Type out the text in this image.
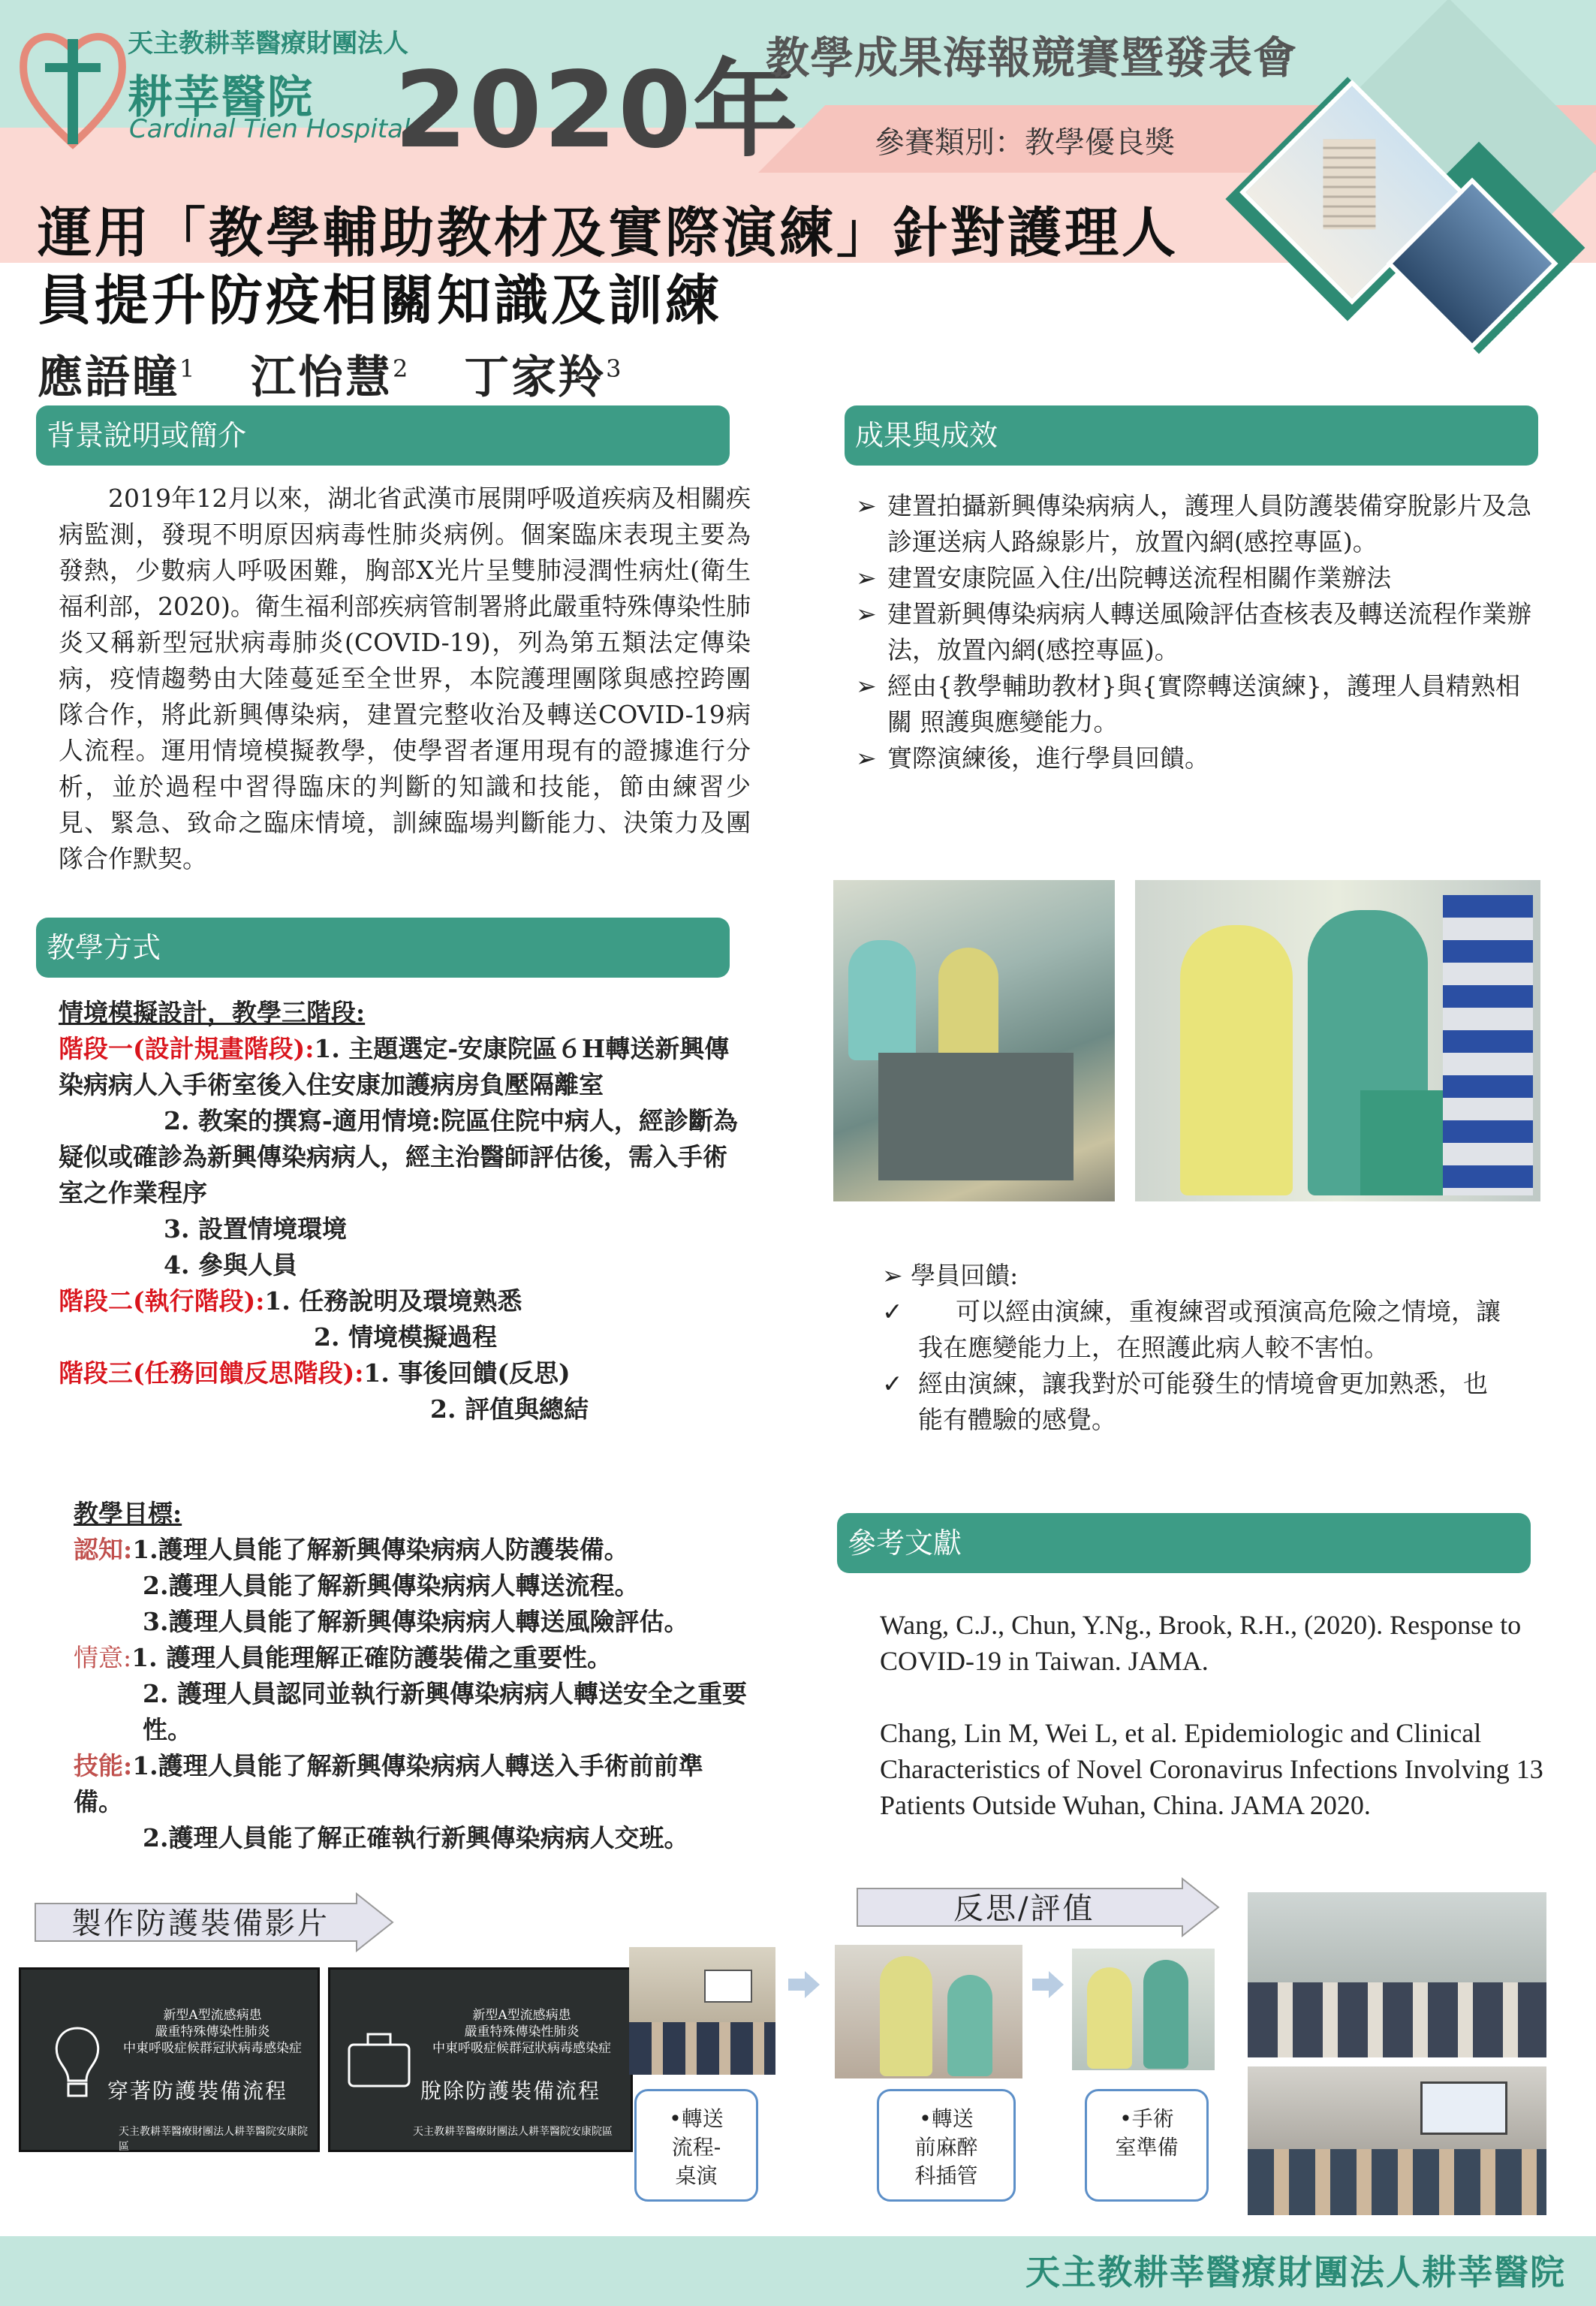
天主教耕莘醫療財團法人
耕莘醫院
Cardinal Tien Hospital
2020年
教學成果海報競賽暨發表會
參賽類別：教學優良獎
運用「教學輔助教材及實際演練」針對護理人
員提升防疫相關知識及訓練
應語瞳$^1$ 江怡慧$^2$ 丁家羚$^3$
背景說明或簡介
2019年12月以來，湖北省武漢市展開呼吸道疾病及相關疾病監測，發現不明原因病毒性肺炎病例。個案臨床表現主要為發熱，少數病人呼吸困難，胸部X光片呈雙肺浸潤性病灶(衛生福利部，2020)。衛生福利部疾病管制署將此嚴重特殊傳染性肺炎又稱新型冠狀病毒肺炎(COVID-19)，列為第五類法定傳染病，疫情趨勢由大陸蔓延至全世界，本院護理團隊與感控跨團隊合作，將此新興傳染病，建置完整收治及轉送COVID-19病人流程。運用情境模擬教學，使學習者運用現有的證據進行分析，並於過程中習得臨床的判斷的知識和技能，節由練習少見、緊急、致命之臨床情境，訓練臨場判斷能力、決策力及團隊合作默契。
教學方式
情境模擬設計，教學三階段:
階段一(設計規畫階段):1. 主題選定-安康院區６H轉送新興傳染病病人入手術室後入住安康加護病房負壓隔離室
2. 教案的撰寫-適用情境:院區住院中病人，經診斷為疑似或確診為新興傳染病病人，經主治醫師評估後，需入手術室之作業程序
3. 設置情境環境
4. 參與人員
階段二(執行階段):1. 任務說明及環境熟悉
2. 情境模擬過程
階段三(任務回饋反思階段):1. 事後回饋(反思)
2. 評值與總結
教學目標:
認知:1.護理人員能了解新興傳染病病人防護裝備。
2.護理人員能了解新興傳染病病人轉送流程。
3.護理人員能了解新興傳染病病人轉送風險評估。
情意:1. 護理人員能理解正確防護裝備之重要性。
2. 護理人員認同並執行新興傳染病病人轉送安全之重要性。
技能:1.護理人員能了解新興傳染病病人轉送入手術前前準備。
2.護理人員能了解正確執行新興傳染病病人交班。
成果與成效
➢ 建置拍攝新興傳染病病人，護理人員防護裝備穿脫影片及急診運送病人路線影片，放置內網(感控專區)。
➢ 建置安康院區入住/出院轉送流程相關作業辦法
➢ 建置新興傳染病病人轉送風險評估查核表及轉送流程作業辦法，放置內網(感控專區)。
➢ 經由{教學輔助教材}與{實際轉送演練}，護理人員精熟相關 照護與應變能力。
➢ 實際演練後，進行學員回饋。
➢ 學員回饋:
✓ 可以經由演練，重複練習或預演高危險之情境，讓我在應變能力上，在照護此病人較不害怕。
✓ 經由演練，讓我對於可能發生的情境會更加熟悉，也能有體驗的感覺。
參考文獻
Wang, C.J., Chun, Y.Ng., Brook, R.H., (2020). Response to COVID-19 in Taiwan. JAMA.
Chang, Lin M, Wei L, et al. Epidemiologic and Clinical Characteristics of Novel Coronavirus Infections Involving 13 Patients Outside Wuhan, China. JAMA 2020.
製作防護裝備影片	反思/評值
新型A型流感病患
嚴重特殊傳染性肺炎
中東呼吸症候群冠狀病毒感染症
穿著防護裝備流程
天主教耕莘醫療財團法人耕莘醫院安康院區
新型A型流感病患
嚴重特殊傳染性肺炎
中東呼吸症候群冠狀病毒感染症
脫除防護裝備流程
天主教耕莘醫療財團法人耕莘醫院安康院區
•轉送
流程-
桌演
•轉送
前麻醉
科插管
•手術
室準備
天主教耕莘醫療財團法人耕莘醫院
